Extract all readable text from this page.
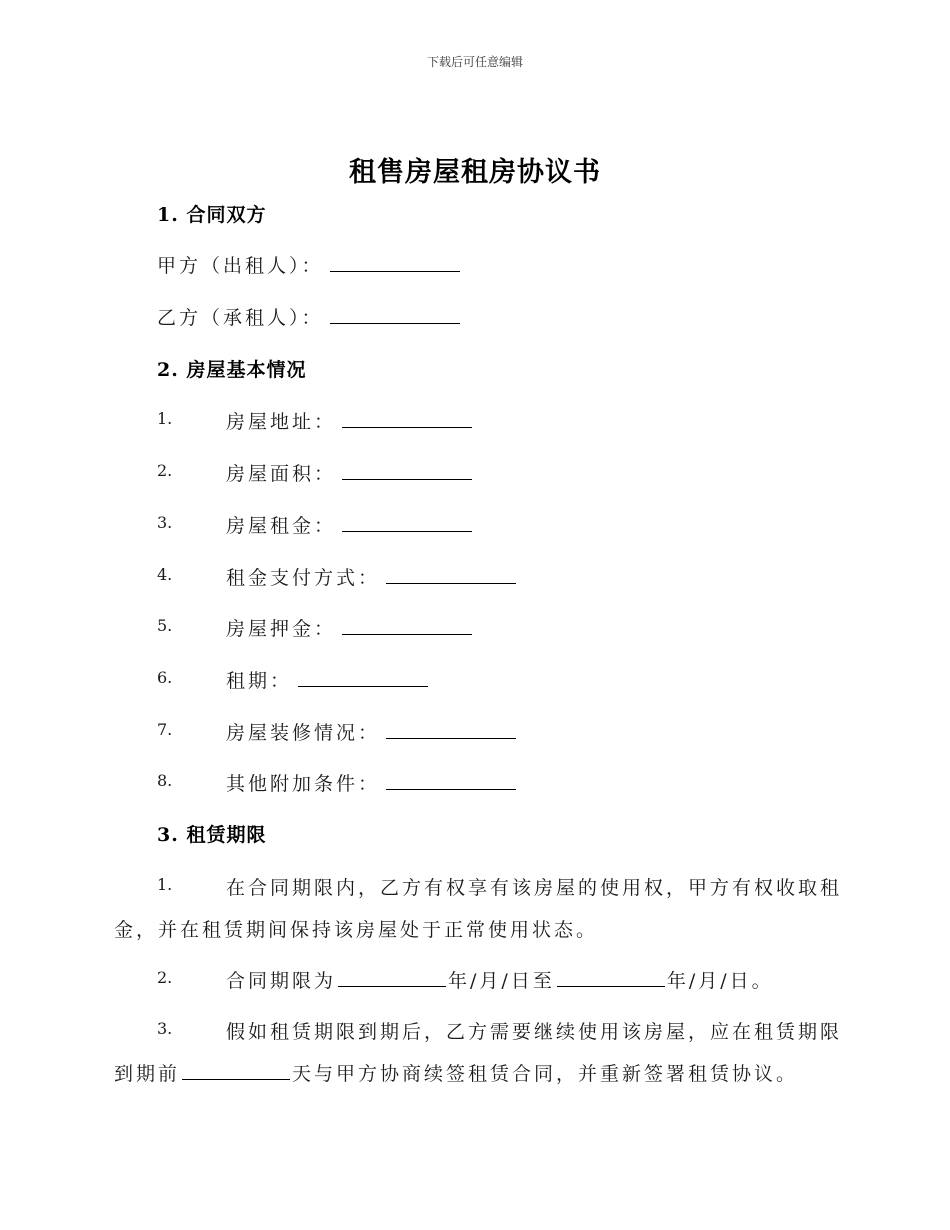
下载后可任意编辑
租售房屋租房协议书
1. 合同双方
甲方（出租人）：
乙方（承租人）：
2. 房屋基本情况
1.	房屋地址：
2.	房屋面积：
3.	房屋租金：
4.	租金支付方式：
5.	房屋押金：
6.	租期：
7.	房屋装修情况：
8.	其他附加条件：
3. 租赁期限
1.	在合同期限内，乙方有权享有该房屋的使用权，甲方有权收取租
金，并在租赁期间保持该房屋处于正常使用状态。
2.	合同期限为	年/月/日至	年/月/日。
3.	假如租赁期限到期后，乙方需要继续使用该房屋，应在租赁期限
到期前	天与甲方协商续签租赁合同，并重新签署租赁协议。
